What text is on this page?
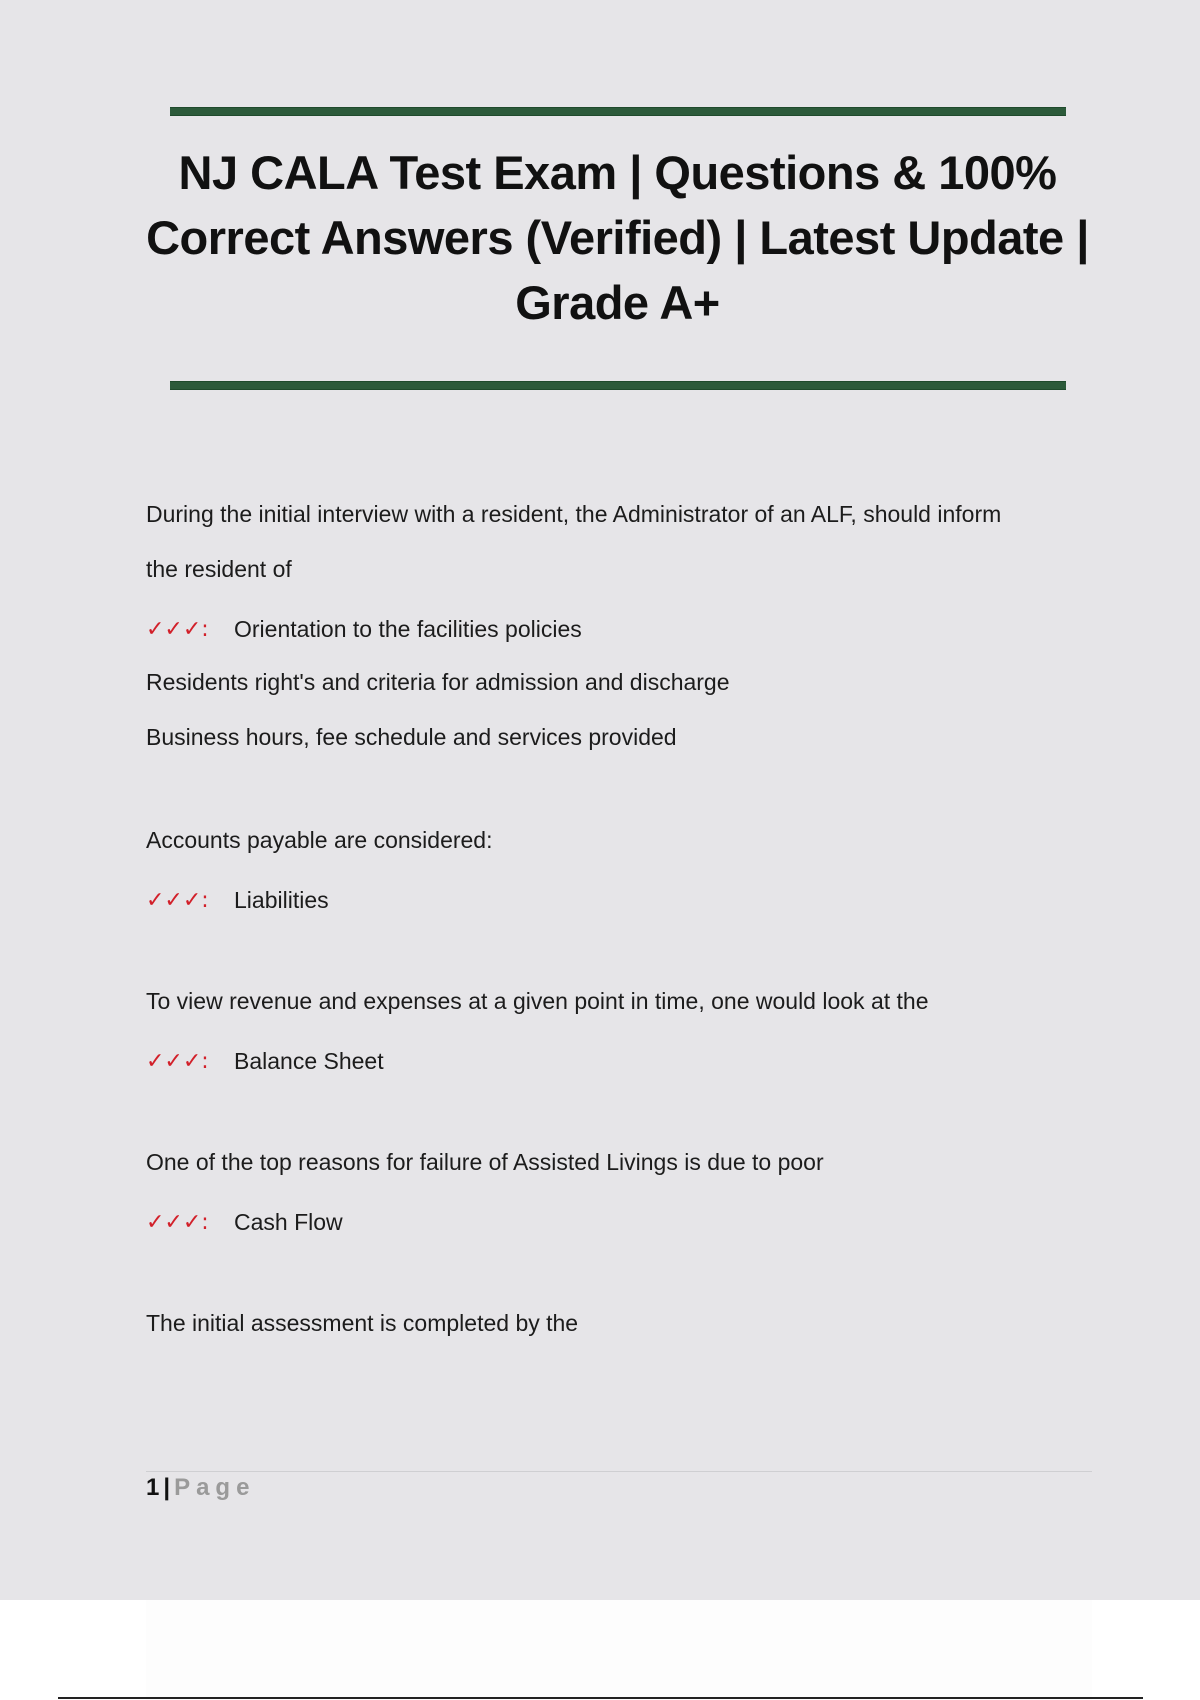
NJ CALA Test Exam | Questions & 100% Correct Answers (Verified) | Latest Update | Grade A+
During the initial interview with a resident, the Administrator of an ALF, should inform
the resident of
✓✓✓:	Orientation to the facilities policies
Residents right's and criteria for admission and discharge
Business hours, fee schedule and services provided
Accounts payable are considered:
✓✓✓:	Liabilities
To view revenue and expenses at a given point in time, one would look at the
✓✓✓:	Balance Sheet
One of the top reasons for failure of Assisted Livings is due to poor
✓✓✓:	Cash Flow
The initial assessment is completed by the
1 | Page
